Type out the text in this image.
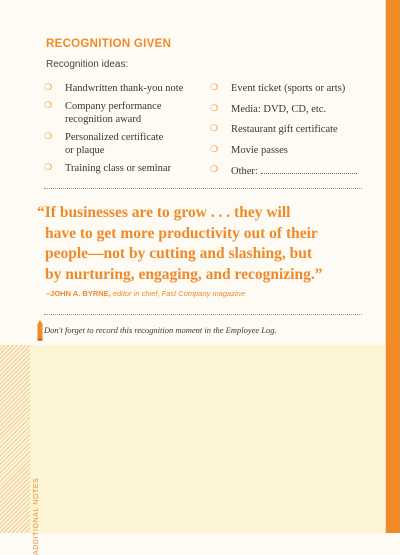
RECOGNITION GIVEN
Recognition ideas:
❍ Handwritten thank-you note
❍ Company performance
recognition award
❍ Personalized certificate
or plaque
❍ Training class or seminar
❍ Event ticket (sports or arts)
❍ Media: DVD, CD, etc.
❍ Restaurant gift certificate
❍ Movie passes
❍ Other:
“If businesses are to grow . . . they will
have to get more productivity out of their
people—not by cutting and slashing, but
by nurturing, engaging, and recognizing.”
–JOHN A. BYRNE, editor in chief, Fast Company magazine
Don't forget to record this recognition moment in the Employee Log.
ADDITIONAL NOTES
